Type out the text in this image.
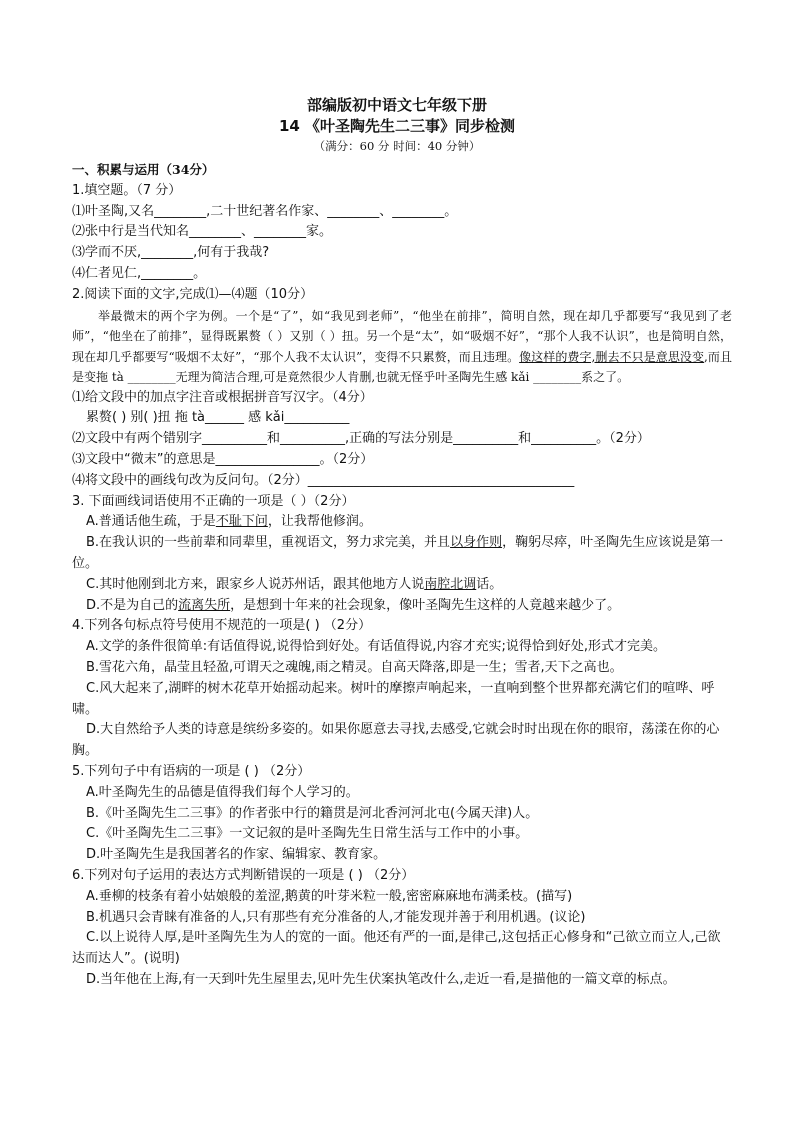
部编版初中语文七年级下册
14 《叶圣陶先生二三事》同步检测
（满分：60 分 时间：40 分钟）
一、积累与运用（34分）
1.填空题。（7 分）
⑴叶圣陶,又名________,二十世纪著名作家、________、________。
⑵张中行是当代知名________、________家。
⑶学而不厌,________,何有于我哉?
⑷仁者见仁,________。
2.阅读下面的文字,完成⑴—⑷题（10分）
举最微末的两个字为例。一个是“了”，如“我见到老师”，“他坐在前排”，简明自然，现在却几乎都要写“我见到了老师”，“他坐在了前排”，显得既累赘（ ）又别（ ）扭。另一个是“太”，如“吸烟不好”，“那个人我不认识”，也是简明自然，现在却几乎都要写“吸烟不太好”，“那个人我不太认识”，变得不只累赘，而且违理。像这样的费字,删去不只是意思没变,而且是变拖 tà ________无理为简洁合理,可是竟然很少人肯删,也就无怪乎叶圣陶先生感 kǎi ________系之了。
⑴给文段中的加点字注音或根据拼音写汉字。（4分）
累赘( ) 别( )扭 拖 tà______ 感 kǎi__________
⑵文段中有两个错别字__________和__________,正确的写法分别是__________和__________。（2分）
⑶文段中“微末”的意思是________________。（2分）
⑷将文段中的画线句改为反问句。（2分）_________________________________________
3. 下面画线词语使用不正确的一项是（ ）（2分）
A.普通话他生疏，于是不耻下问，让我帮他修润。
B.在我认识的一些前辈和同辈里，重视语文，努力求完美，并且以身作则，鞠躬尽瘁，叶圣陶先生应该说是第一位。
C.其时他刚到北方来，跟家乡人说苏州话，跟其他地方人说南腔北调话。
D.不是为自己的流离失所，是想到十年来的社会现象，像叶圣陶先生这样的人竟越来越少了。
4.下列各句标点符号使用不规范的一项是( ) （2分）
A.文学的条件很简单:有话值得说,说得恰到好处。有话值得说,内容才充实;说得恰到好处,形式才完美。
B.雪花六角，晶莹且轻盈,可谓天之魂魄,雨之精灵。自高天降落,即是一生；雪者,天下之高也。
C.风大起来了,湖畔的树木花草开始摇动起来。树叶的摩擦声响起来，一直响到整个世界都充满它们的喧哗、呼啸。
D.大自然给予人类的诗意是缤纷多姿的。如果你愿意去寻找,去感受,它就会时时出现在你的眼帘，荡漾在你的心胸。
5.下列句子中有语病的一项是 ( ) （2分）
A.叶圣陶先生的品德是值得我们每个人学习的。
B.《叶圣陶先生二三事》的作者张中行的籍贯是河北香河河北屯(今属天津)人。
C.《叶圣陶先生二三事》一文记叙的是叶圣陶先生日常生活与工作中的小事。
D.叶圣陶先生是我国著名的作家、编辑家、教育家。
6.下列对句子运用的表达方式判断错误的一项是 ( ) （2分）
A.垂柳的枝条有着小姑娘般的羞涩,鹅黄的叶芽米粒一般,密密麻麻地布满柔枝。(描写)
B.机遇只会青睐有准备的人,只有那些有充分准备的人,才能发现并善于利用机遇。(议论)
C.以上说待人厚,是叶圣陶先生为人的宽的一面。他还有严的一面,是律己,这包括正心修身和“己欲立而立人,己欲达而达人”。(说明)
D.当年他在上海,有一天到叶先生屋里去,见叶先生伏案执笔改什么,走近一看,是描他的一篇文章的标点。
